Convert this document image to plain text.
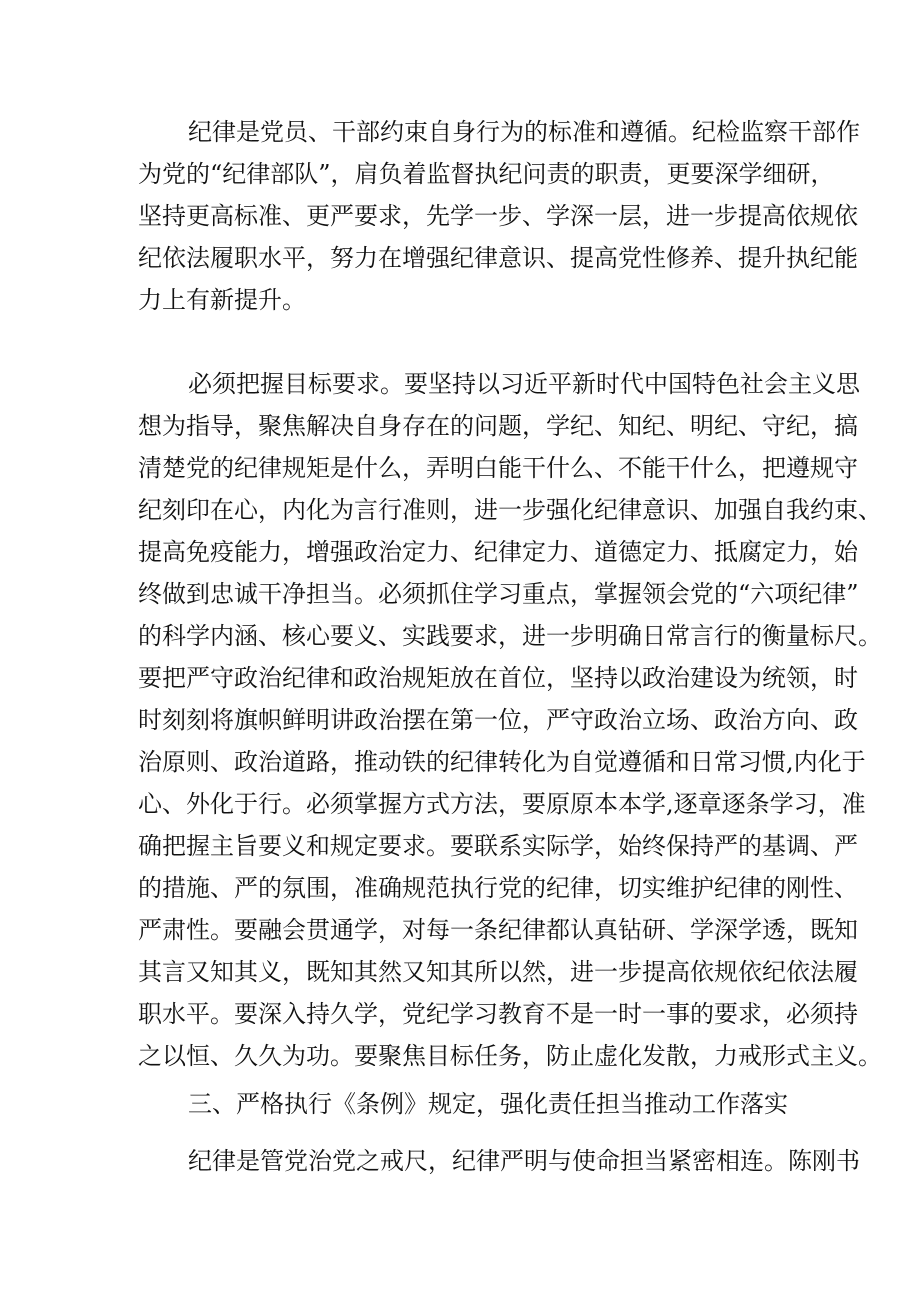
纪律是党员、干部约束自身行为的标准和遵循。纪检监察干部作
为党的“纪律部队”，肩负着监督执纪问责的职责，更要深学细研，
坚持更高标准、更严要求，先学一步、学深一层，进一步提高依规依
纪依法履职水平，努力在增强纪律意识、提高党性修养、提升执纪能
力上有新提升。
必须把握目标要求。要坚持以习近平新时代中国特色社会主义思
想为指导，聚焦解决自身存在的问题，学纪、知纪、明纪、守纪，搞
清楚党的纪律规矩是什么，弄明白能干什么、不能干什么，把遵规守
纪刻印在心，内化为言行准则，进一步强化纪律意识、加强自我约束、
提高免疫能力，增强政治定力、纪律定力、道德定力、抵腐定力，始
终做到忠诚干净担当。必须抓住学习重点，掌握领会党的“六项纪律”
的科学内涵、核心要义、实践要求，进一步明确日常言行的衡量标尺。
要把严守政治纪律和政治规矩放在首位，坚持以政治建设为统领，时
时刻刻将旗帜鲜明讲政治摆在第一位，严守政治立场、政治方向、政
治原则、政治道路，推动铁的纪律转化为自觉遵循和日常习惯,内化于
心、外化于行。必须掌握方式方法，要原原本本学,逐章逐条学习，准
确把握主旨要义和规定要求。要联系实际学，始终保持严的基调、严
的措施、严的氛围，准确规范执行党的纪律，切实维护纪律的刚性、
严肃性。要融会贯通学，对每一条纪律都认真钻研、学深学透，既知
其言又知其义，既知其然又知其所以然，进一步提高依规依纪依法履
职水平。要深入持久学，党纪学习教育不是一时一事的要求，必须持
之以恒、久久为功。要聚焦目标任务，防止虚化发散，力戒形式主义。
三、严格执行《条例》规定，强化责任担当推动工作落实
纪律是管党治党之戒尺，纪律严明与使命担当紧密相连。陈刚书
